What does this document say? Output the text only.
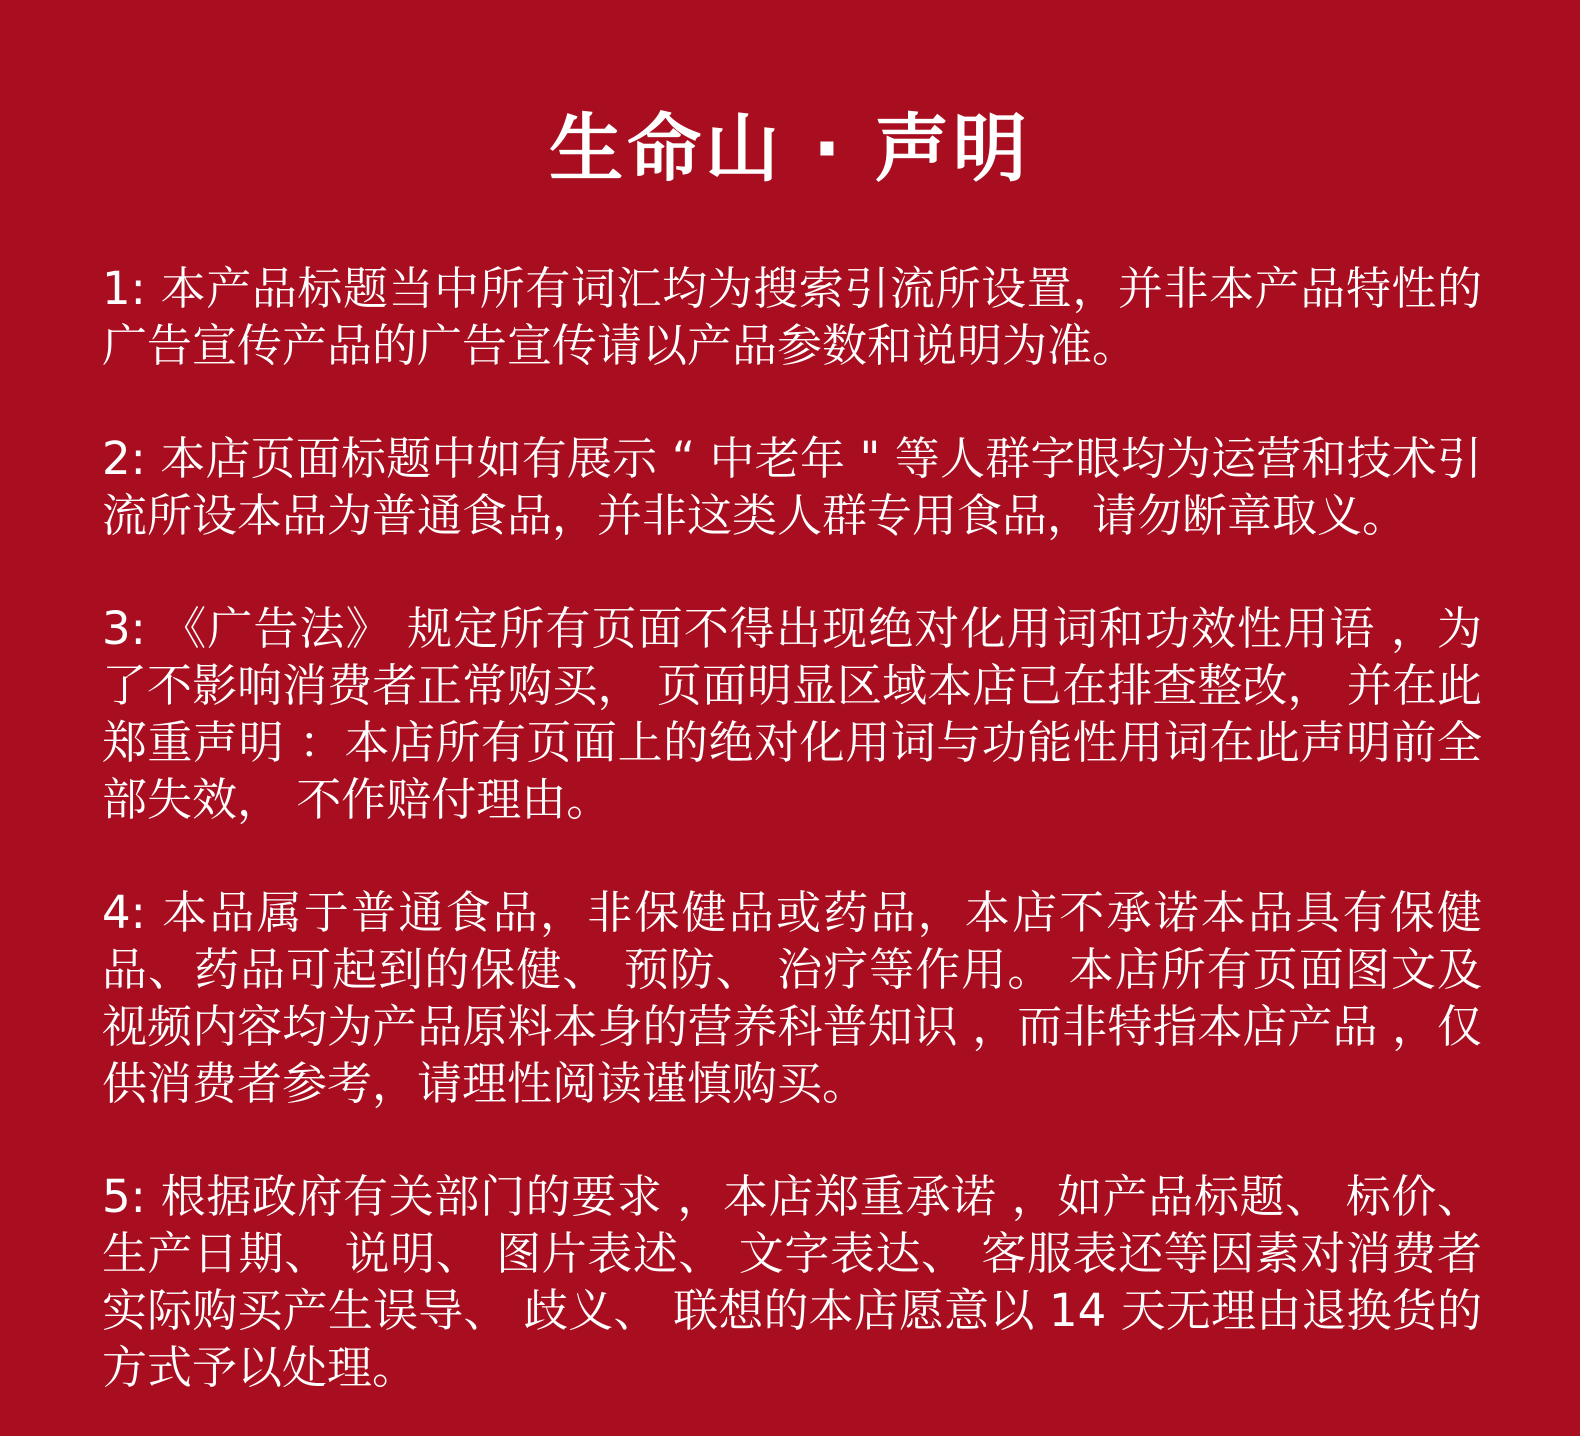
生命山 · 声明
1: 本产品标题当中所有词汇均为搜索引流所设置，并非本产品特性的广告宣传产品的广告宣传请以产品参数和说明为准。
2: 本店页面标题中如有展示 “ 中老年 " 等人群字眼均为运营和技术引流所设本品为普通食品，并非这类人群专用食品，请勿断章取义。
3: 《广告法》 规定所有页面不得出现绝对化用词和功效性用语 ，为了不影响消费者正常购买， 页面明显区域本店已在排查整改， 并在此郑重声明 ：本店所有页面上的绝对化用词与功能性用词在此声明前全部失效， 不作赔付理由。
4: 本品属于普通食品，非保健品或药品，本店不承诺本品具有保健品、药品可起到的保健、 预防、 治疗等作用。 本店所有页面图文及视频内容均为产品原料本身的营养科普知识 ，而非特指本店产品 ，仅供消费者参考，请理性阅读谨慎购买。
5: 根据政府有关部门的要求 ，本店郑重承诺 ，如产品标题、 标价、生产日期、 说明、 图片表述、 文字表达、 客服表还等因素对消费者实际购买产生误导、 歧义、 联想的本店愿意以 14 天无理由退换货的方式予以处理。
